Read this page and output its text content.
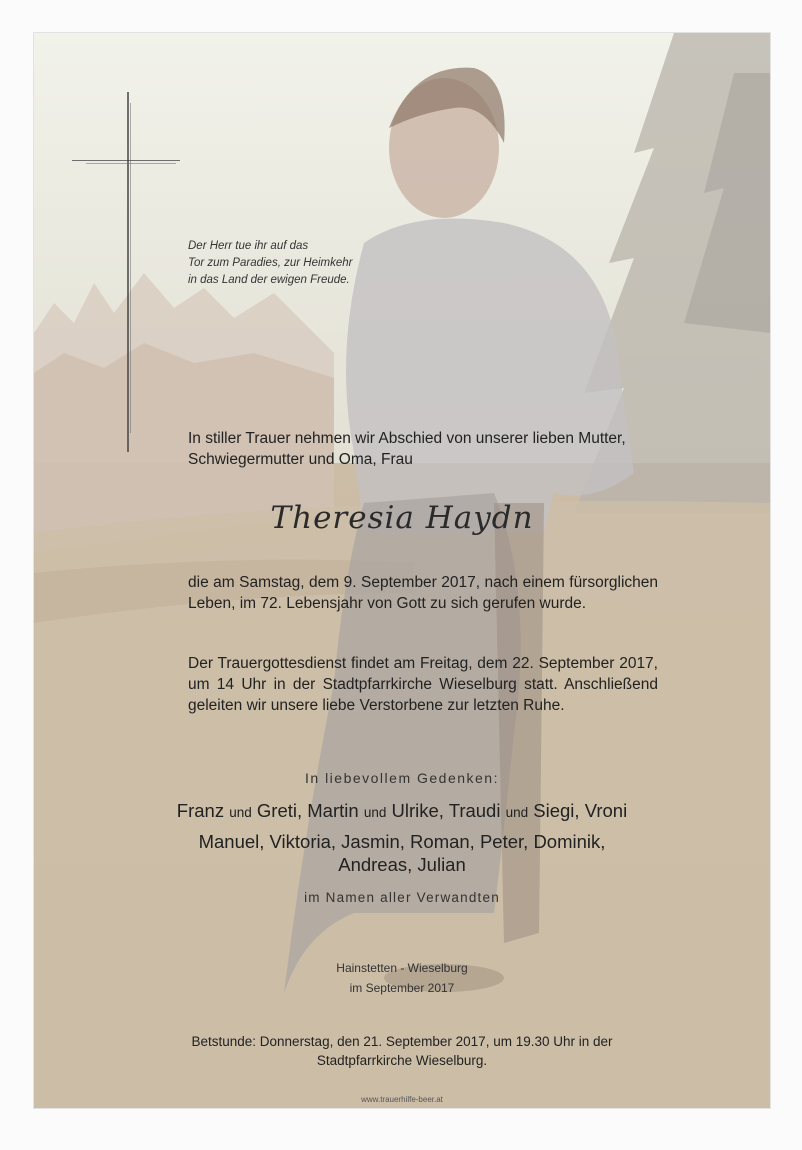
Der Herr tue ihr auf das
Tor zum Paradies, zur Heimkehr
in das Land der ewigen Freude.
In stiller Trauer nehmen wir Abschied von unserer lieben Mutter,
Schwiegermutter und Oma, Frau
Theresia Haydn
die am Samstag, dem 9. September 2017, nach einem fürsorglichen Leben, im 72. Lebensjahr von Gott zu sich gerufen wurde.
Der Trauergottesdienst findet am Freitag, dem 22. September 2017, um 14 Uhr in der Stadtpfarrkirche Wieselburg statt. Anschließend geleiten wir unsere liebe Verstorbene zur letzten Ruhe.
In liebevollem Gedenken:
Franz und Greti, Martin und Ulrike, Traudi und Siegi, Vroni
Manuel, Viktoria, Jasmin, Roman, Peter, Dominik,
Andreas, Julian
im Namen aller Verwandten
Hainstetten - Wieselburg
im September 2017
Betstunde: Donnerstag, den 21. September 2017, um 19.30 Uhr in der
Stadtpfarrkirche Wieselburg.
www.trauerhilfe-beer.at
